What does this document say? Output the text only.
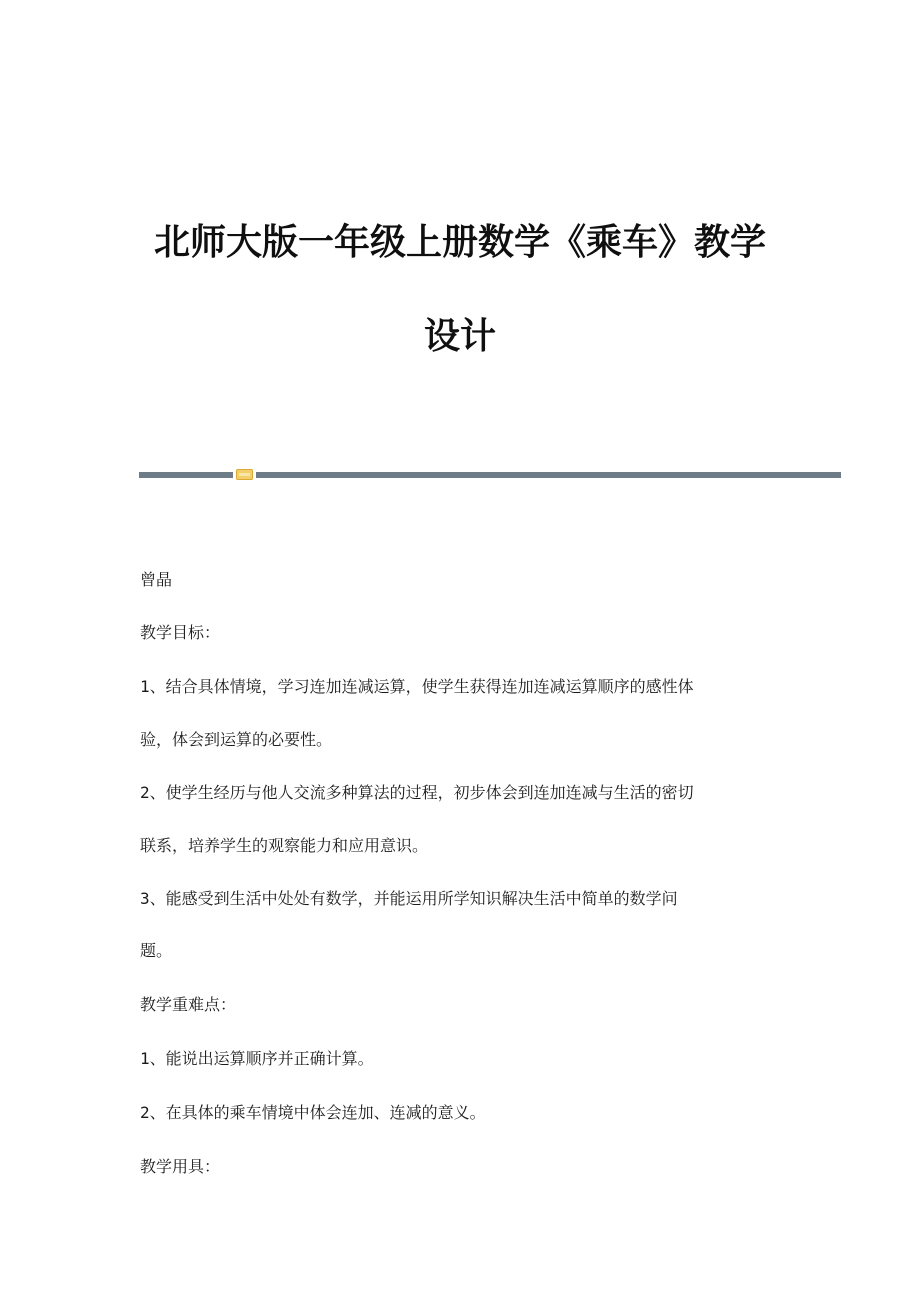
北师大版一年级上册数学《乘车》教学
设计

曾晶

教学目标：

1、结合具体情境，学习连加连减运算，使学生获得连加连减运算顺序的感性体

验，体会到运算的必要性。

2、使学生经历与他人交流多种算法的过程，初步体会到连加连减与生活的密切

联系，培养学生的观察能力和应用意识。

3、能感受到生活中处处有数学，并能运用所学知识解决生活中简单的数学问

题。

教学重难点：

1、能说出运算顺序并正确计算。

2、在具体的乘车情境中体会连加、连减的意义。

教学用具：
